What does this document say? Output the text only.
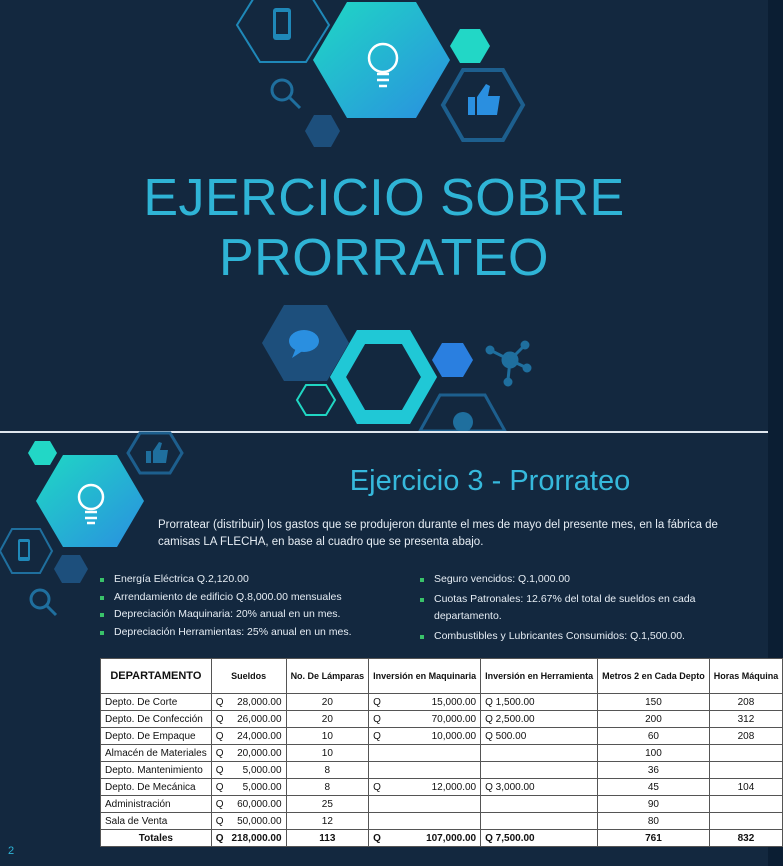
EJERCICIO SOBRE
PRORRATEO
Ejercicio 3 - Prorrateo
Prorratear (distribuir) los gastos que se produjeron durante el mes de mayo del presente mes, en la fábrica de camisas LA FLECHA, en base al cuadro que se presenta abajo.
Energía Eléctrica Q.2,120.00
Arrendamiento de edificio Q.8,000.00 mensuales
Depreciación Maquinaria: 20% anual en un mes.
Depreciación Herramientas: 25% anual en un mes.
Seguro vencidos: Q.1,000.00
Cuotas Patronales: 12.67% del total de sueldos en cada departamento.
Combustibles y Lubricantes Consumidos: Q.1,500.00.
DEPARTAMENTO	Sueldos		No. De Lámparas	Inversión en Maquinaria		Inversión en Herramienta	Metros 2 en Cada Depto	Horas Máquina
Depto. De Corte	Q	28,000.00	20	Q	15,000.00	Q 1,500.00	150	208
Depto. De Confección	Q	26,000.00	20	Q	70,000.00	Q 2,500.00	200	312
Depto. De Empaque	Q	24,000.00	10	Q	10,000.00	Q 500.00	60	208
Almacén de Materiales	Q	20,000.00	10				100	
Depto. Mantenimiento	Q	5,000.00	8				36	
Depto. De Mecánica	Q	5,000.00	8	Q	12,000.00	Q 3,000.00	45	104
Administración	Q	60,000.00	25				90	
Sala de Venta	Q	50,000.00	12				80	
Totales	Q	218,000.00	113	Q	107,000.00	Q 7,500.00	761	832
2
